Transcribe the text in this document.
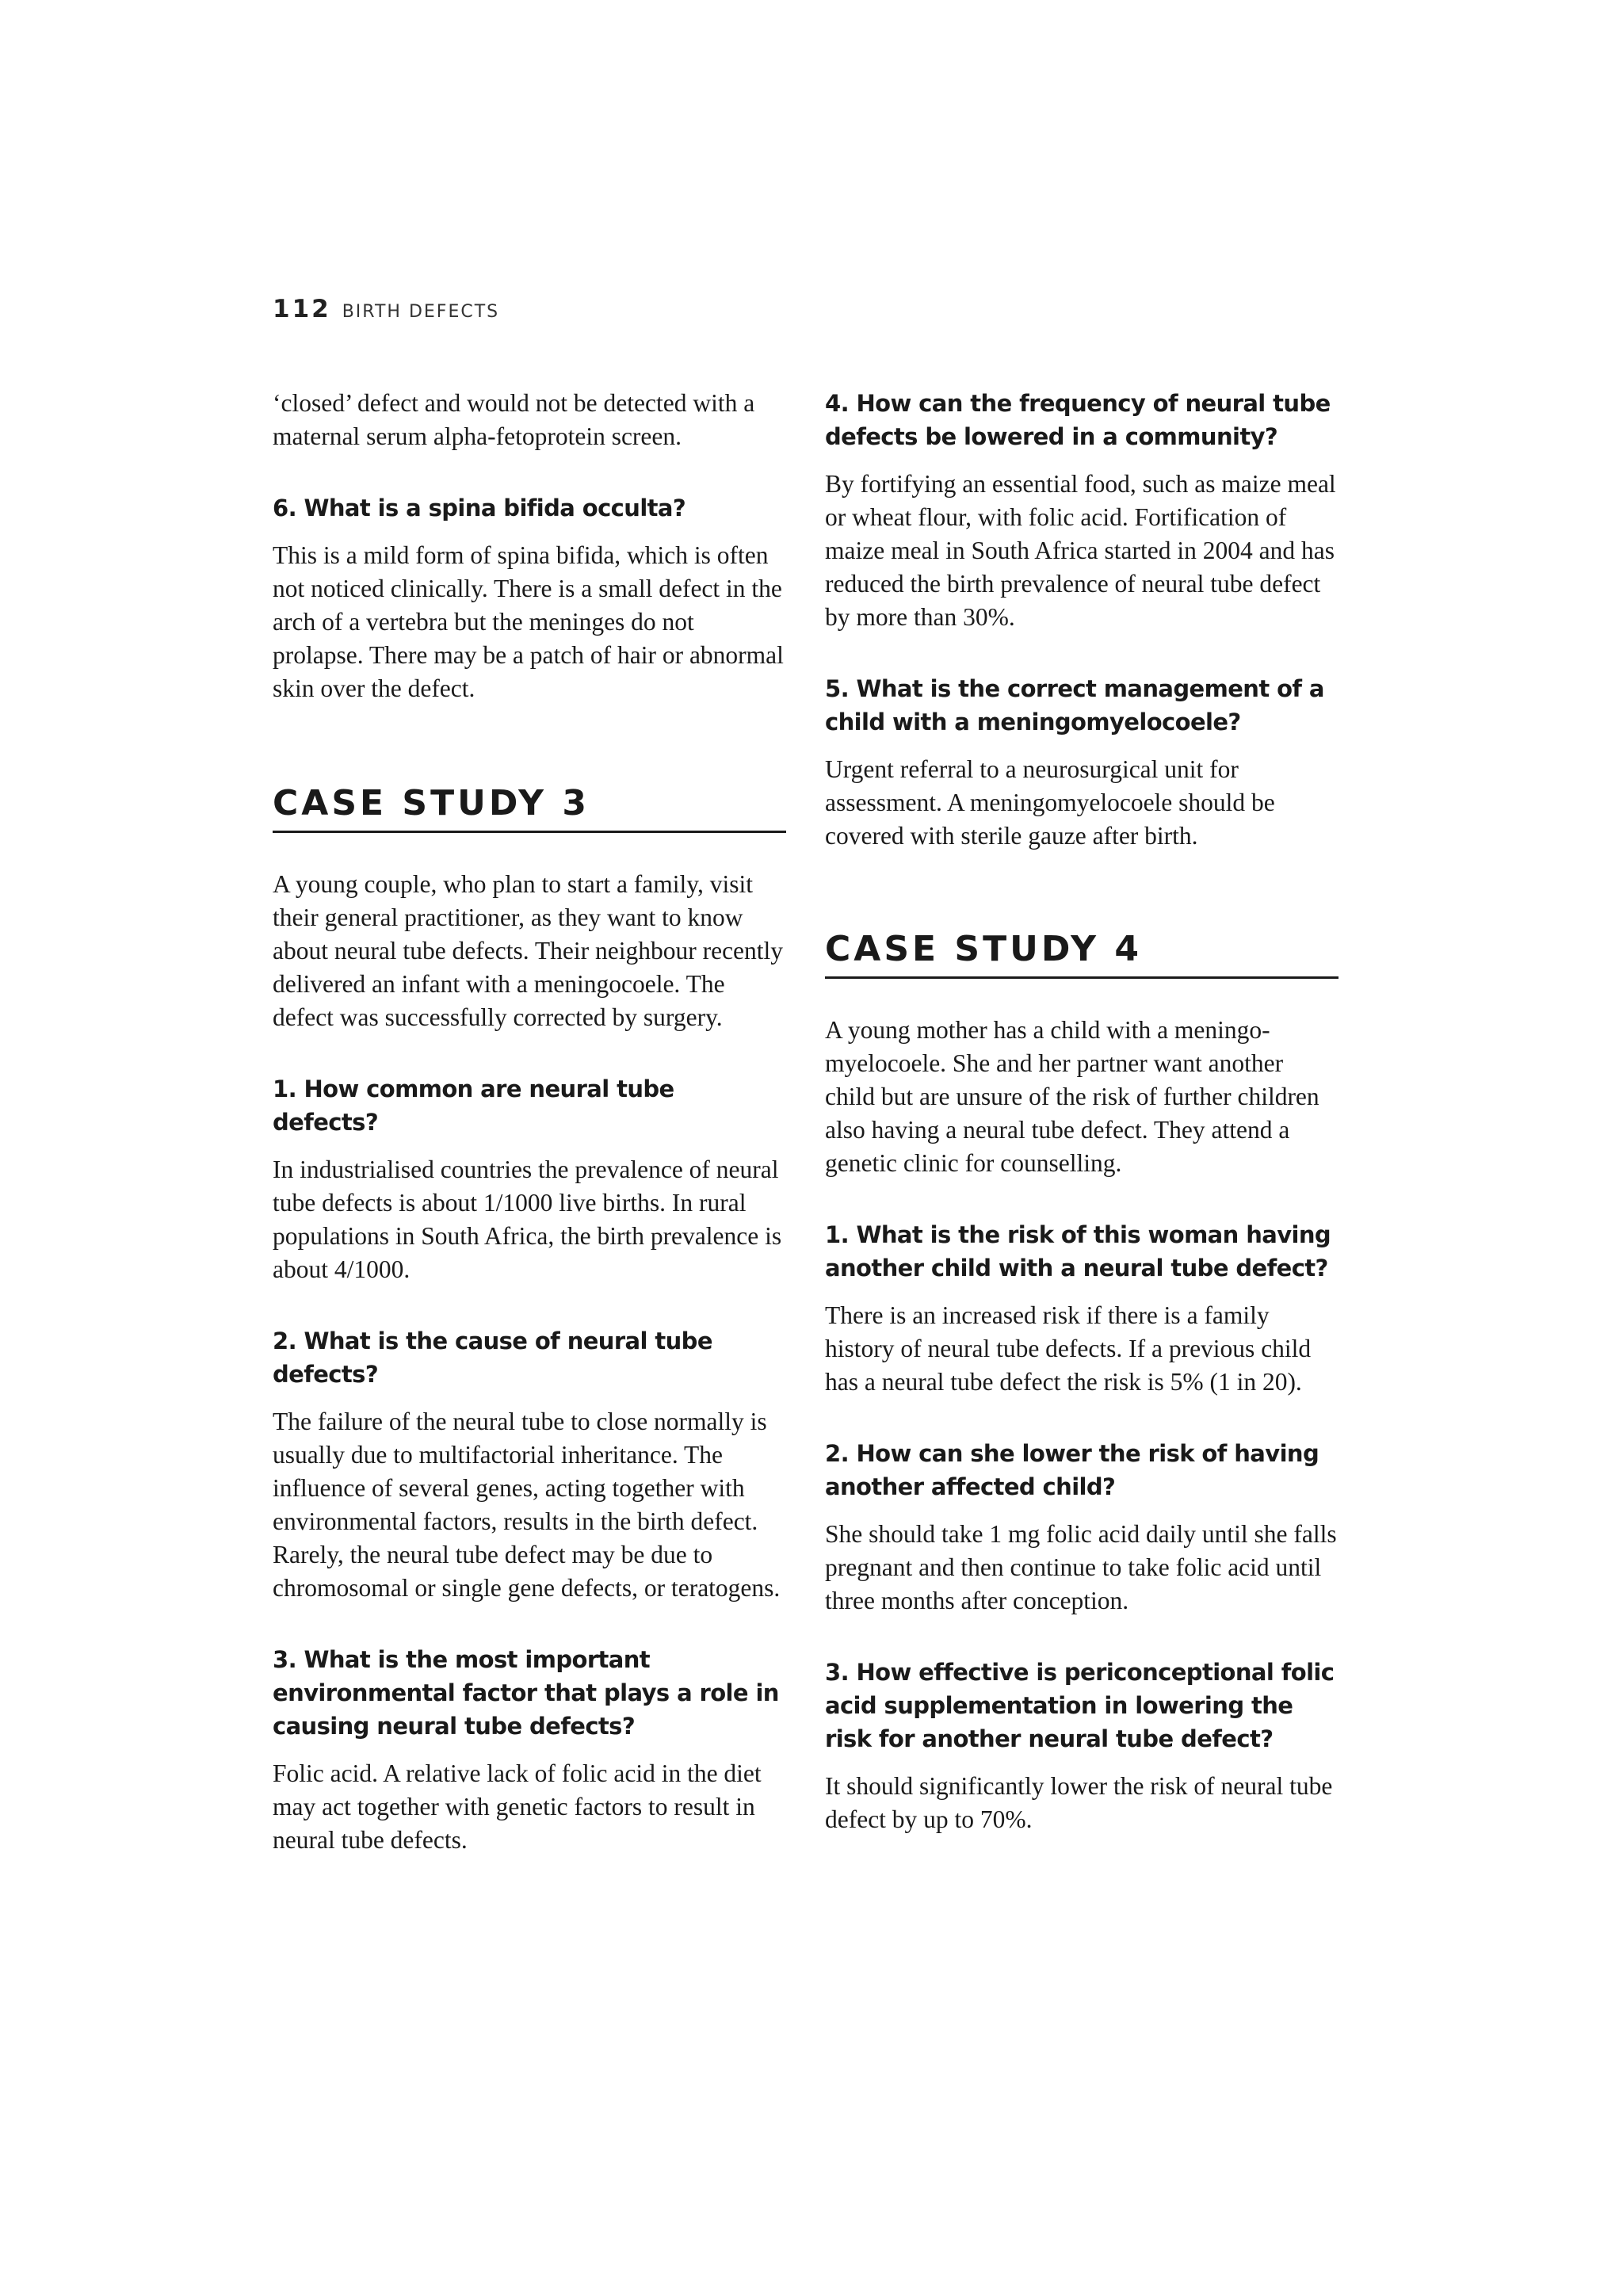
112 BIRTH DEFECTS

‘closed’ defect and would not be detected with a maternal serum alpha-fetoprotein screen.

6. What is a spina bifida occulta?

This is a mild form of spina bifida, which is often not noticed clinically. There is a small defect in the arch of a vertebra but the meninges do not prolapse. There may be a patch of hair or abnormal skin over the defect.

CASE STUDY 3

A young couple, who plan to start a family, visit their general practitioner, as they want to know about neural tube defects. Their neighbour recently delivered an infant with a meningocoele. The defect was successfully corrected by surgery.

1. How common are neural tube defects?

In industrialised countries the prevalence of neural tube defects is about 1/1000 live births. In rural populations in South Africa, the birth prevalence is about 4/1000.

2. What is the cause of neural tube defects?

The failure of the neural tube to close normally is usually due to multifactorial inheritance. The influence of several genes, acting together with environmental factors, results in the birth defect. Rarely, the neural tube defect may be due to chromosomal or single gene defects, or teratogens.

3. What is the most important environmental factor that plays a role in causing neural tube defects?

Folic acid. A relative lack of folic acid in the diet may act together with genetic factors to result in neural tube defects.

4. How can the frequency of neural tube defects be lowered in a community?

By fortifying an essential food, such as maize meal or wheat flour, with folic acid. Fortification of maize meal in South Africa started in 2004 and has reduced the birth prevalence of neural tube defect by more than 30%.

5. What is the correct management of a child with a meningomyelocoele?

Urgent referral to a neurosurgical unit for assessment. A meningomyelocoele should be covered with sterile gauze after birth.

CASE STUDY 4

A young mother has a child with a meningo-myelocoele. She and her partner want another child but are unsure of the risk of further children also having a neural tube defect. They attend a genetic clinic for counselling.

1. What is the risk of this woman having another child with a neural tube defect?

There is an increased risk if there is a family history of neural tube defects. If a previous child has a neural tube defect the risk is 5% (1 in 20).

2. How can she lower the risk of having another affected child?

She should take 1 mg folic acid daily until she falls pregnant and then continue to take folic acid until three months after conception.

3. How effective is periconceptional folic acid supplementation in lowering the risk for another neural tube defect?

It should significantly lower the risk of neural tube defect by up to 70%.
